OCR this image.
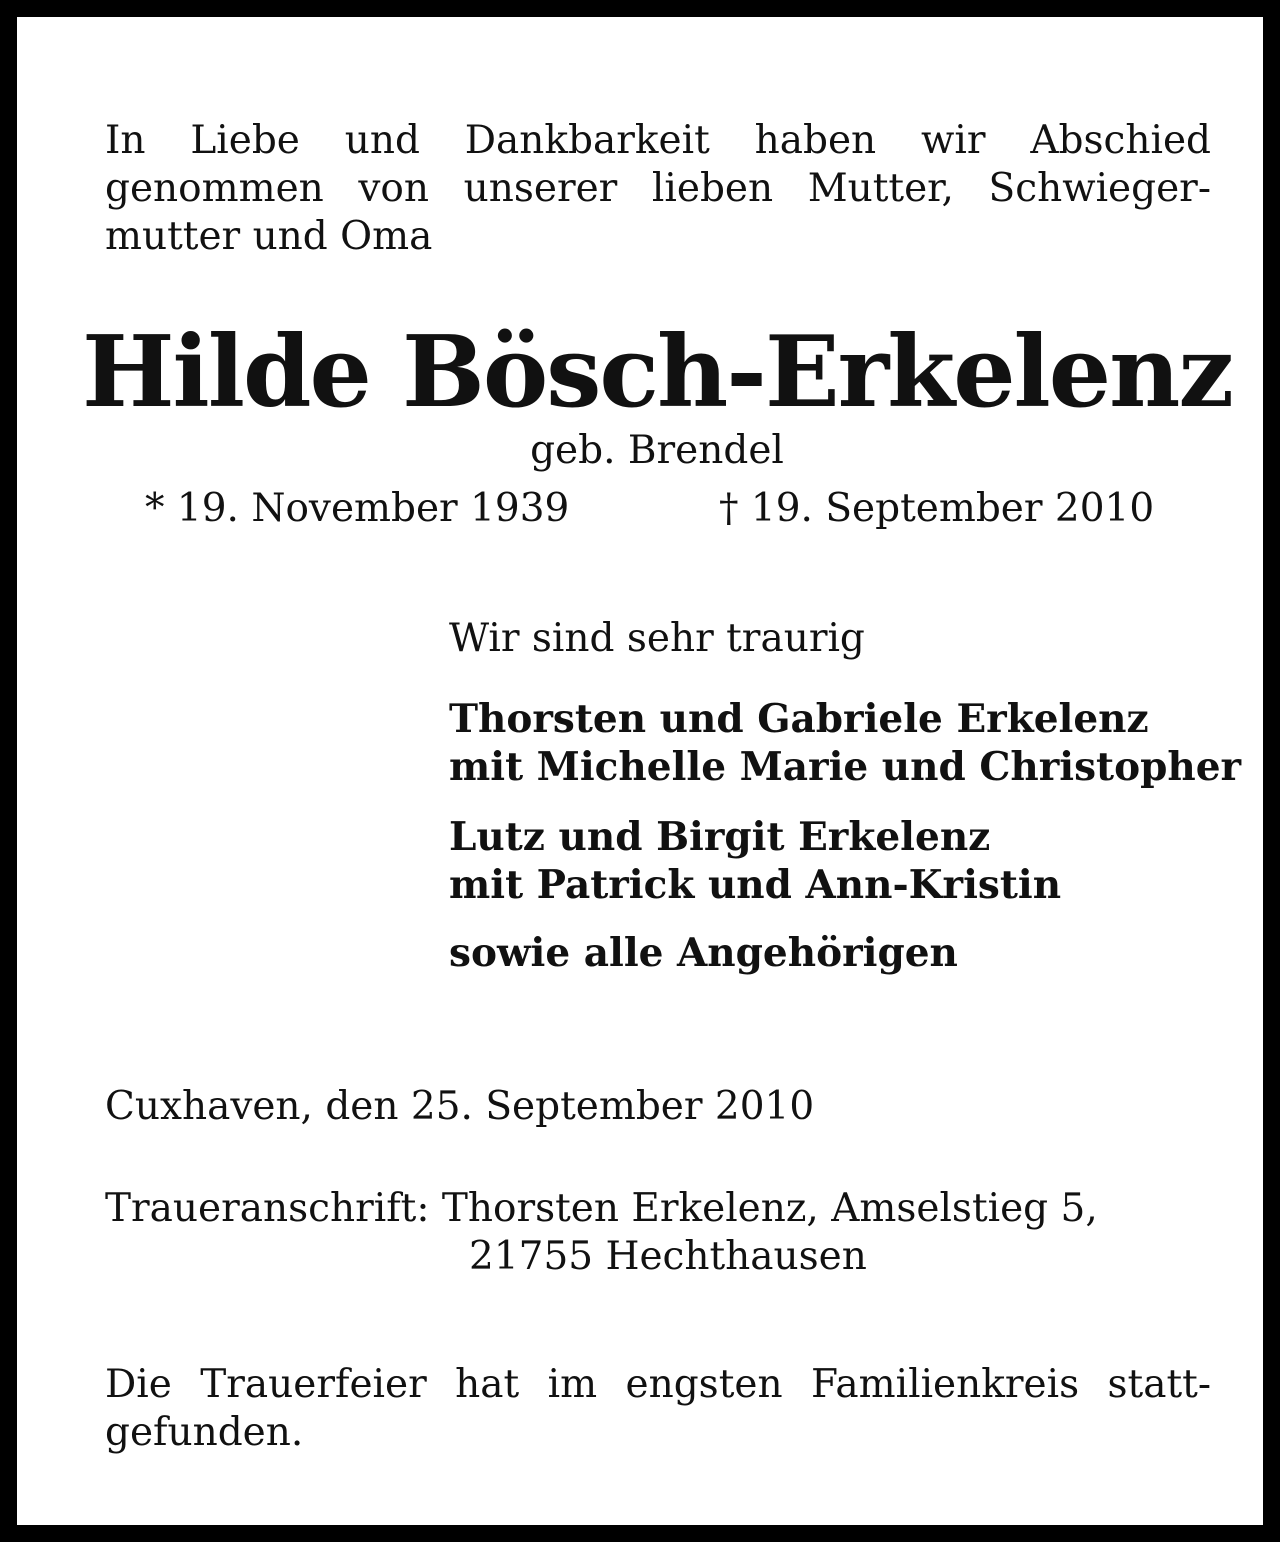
In Liebe und Dankbarkeit haben wir Abschied
genommen von unserer lieben Mutter, Schwieger-
mutter und Oma
Hilde Bösch-Erkelenz
geb. Brendel
* 19. November 1939	† 19. September 2010
Wir sind sehr traurig
Thorsten und Gabriele Erkelenz
mit Michelle Marie und Christopher
Lutz und Birgit Erkelenz
mit Patrick und Ann-Kristin
sowie alle Angehörigen
Cuxhaven, den 25. September 2010
Traueranschrift: Thorsten Erkelenz, Amselstieg 5,
21755 Hechthausen
Die Trauerfeier hat im engsten Familienkreis statt-
gefunden.
